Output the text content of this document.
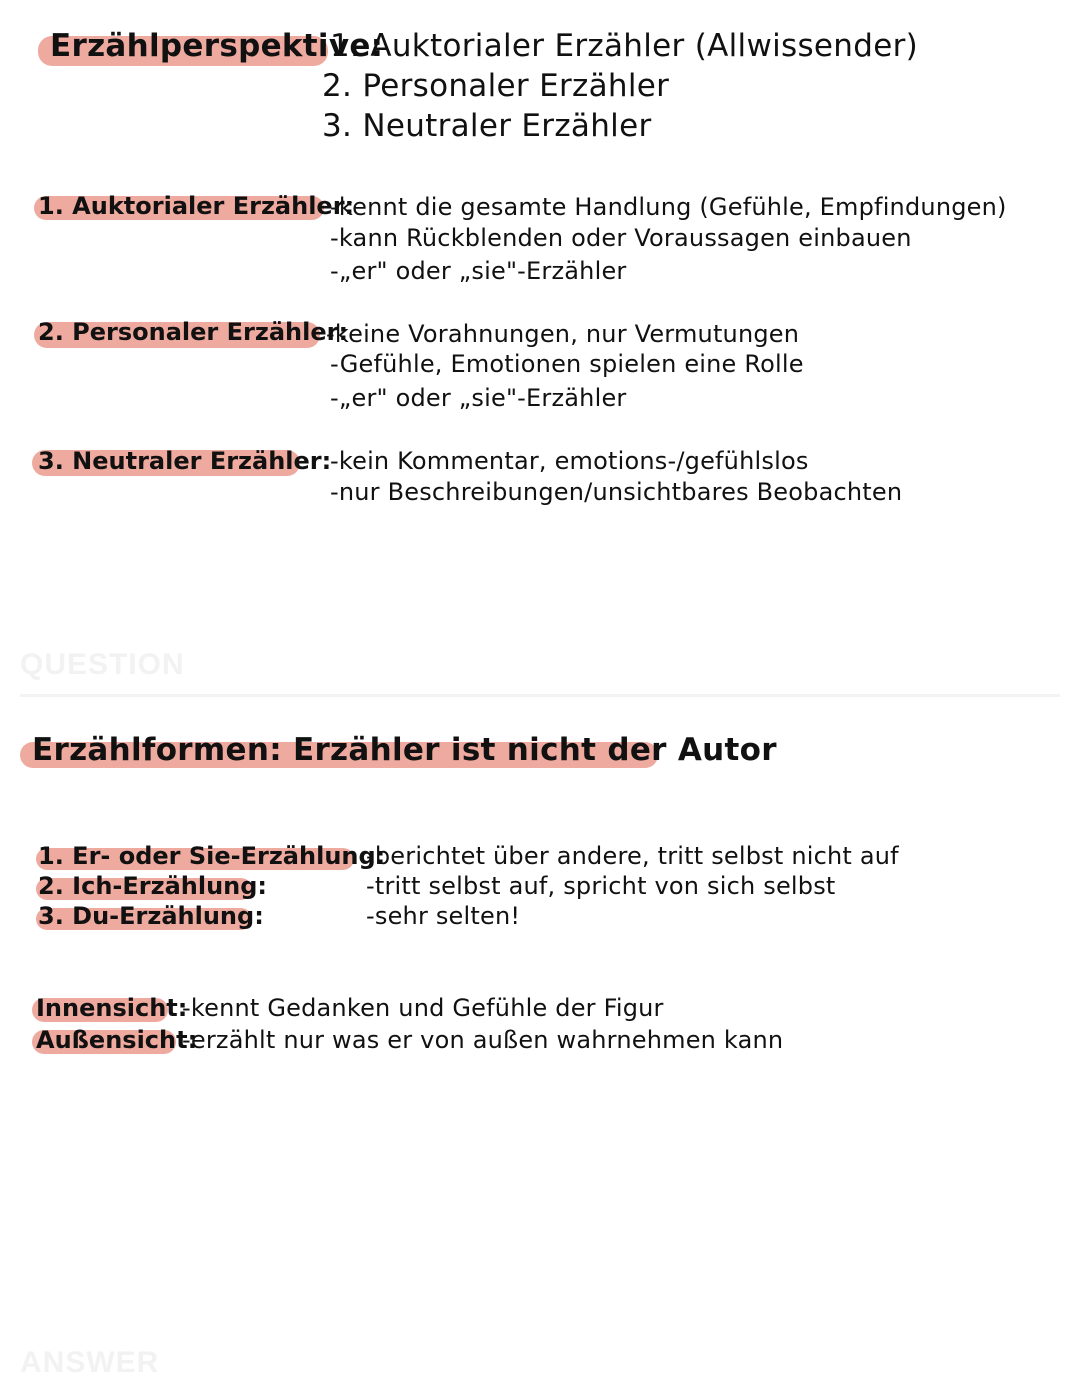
Erzählperspektive:
1. Auktorialer Erzähler (Allwissender)
2. Personaler Erzähler
3. Neutraler Erzähler
1. Auktorialer Erzähler:
-kennt die gesamte Handlung (Gefühle, Empfindungen)
-kann Rückblenden oder Voraussagen einbauen
-„er" oder „sie"-Erzähler
2. Personaler Erzähler:
-keine Vorahnungen, nur Vermutungen
-Gefühle, Emotionen spielen eine Rolle
-„er" oder „sie"-Erzähler
3. Neutraler Erzähler:
-kein Kommentar, emotions-/gefühlslos
-nur Beschreibungen/unsichtbares Beobachten
QUESTION
Erzählformen: Erzähler ist nicht der Autor
1. Er- oder Sie-Erzählung:
-berichtet über andere, tritt selbst nicht auf
2. Ich-Erzählung:	-tritt selbst auf, spricht von sich selbst
3. Du-Erzählung:	-sehr selten!
Innensicht:
-kennt Gedanken und Gefühle der Figur
Außensicht:
-erzählt nur was er von außen wahrnehmen kann
ANSWER
